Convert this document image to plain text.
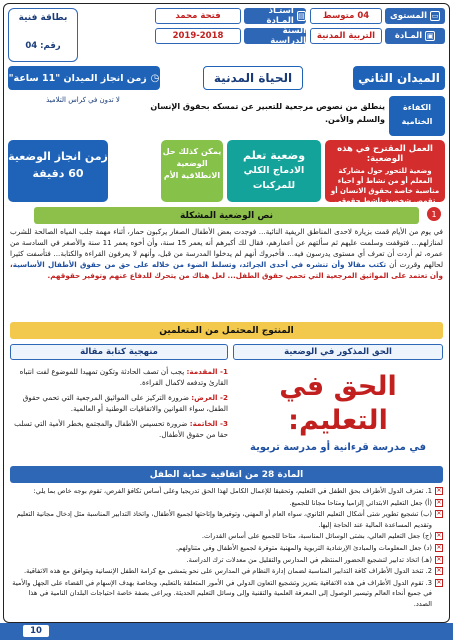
▭
المستوى
04 متوسط
▤
أستـاذ المـادة
فتحة محمد
▣
المـادة
التربية المدنية
السنة الدراسية
2019-2018
بطاقة فنية
رقم: 04
الميدان الثاني
الحياة المدنية
◷
زمن انجاز الميدان "11 ساعة"
لا تدون في كراس التلاميذ
الكفاءة الختامية
ينطلق من نصوص مرجعية للتعبير عن تمسكه بحقوق الإنسان والسلم والأمن.
العمل المقترح في هذه الوضعية:
وضعية للتحور حول مشاركة المعلم أو من نشاط أو احياء مناسبة خاصة بحقوق الانسان أو تقمص شخصية ناشط حقوقي يدافع
وضعية تعلم
الادماج الكلي للمركبات
يمكن كذلك حل الوضعية الانطلاقية الأم
زمن انجاز الوضعية
60 دقيقة
نص الوضعية المشكلة	1
في يوم من الأيام قمت بزيارة لاحدى المناطق الريفية النائية... فوجدت بعض الأطفال الصغار يركبون حمار، أثناء مهمة جلب المياه الصالحة للشرب لمنازلهم... فتوقفت وسلمت عليهم ثم سألتهم عن أعمارهم، فقال لك أكبرهم أنه يعمر 15 سنة، وأن أخوه يعمر 11 سنة والأصغر في السادسة من عمره، ثم أردت أن تعرف أي مستوى يدرسون فيه... فأخبروك أنهم لم يدخلوا المدرسة من قبل، وأنهم لا يعرفون القراءة والكتابة... فتأسفت كثيرا لحالهم وقررت أن تكتب مقالا وأن تنشره في أحدى الجرائد، وتسلط الضوء من خلاله على حق من حقوق الأطفال الأساسية، وأن تعتمد على المواثيق المرجعية التي تحمي حقوق الطفل... لعل هناك من يتحرك للدفاع عنهم وتوفير حقوقهم.
المنتوج المحتمل من المتعلمين
الحق المذكور في الوضعية
الحق في التعليم:
في مدرسة قرءانية أو مدرسة تربوية
منهجية كتابة مقالة
1- المقدمة: يجب أن تصف الحادثة وتكون تمهيدا للموضوع لفت انتباه القارئ وتدفعه لاكمال القراءة.
2- العرض: ضرورة التركيز على المواثيق المرجعية التي تحمي حقوق الطفل، سواء القوانين والاتفاقيات الوطنية أو العالمية.
3- الخاتمة: ضرورة تحسيس الأطفال والمجتمع بخطر الأمية التي تسلب حقا من حقوق الأطفال.
المادة 28 من اتفاقية حماية الطفل
✕
1. تعترف الدول الأطراف بحق الطفل في التعليم، وتحقيقا للإعمال الكامل لهذا الحق تدريجيا وعلى أساس تكافؤ الفرص، تقوم بوجه خاص بما يلي:
✕
(أ) جعل التعليم الابتدائي إلزاميا ومتاحا مجانا للجميع.
✕
(ب) تشجيع تطوير شتى أشكال التعليم الثانوي، سواء العام أو المهني، وتوفيرها وإتاحتها لجميع الأطفال، واتخاذ التدابير المناسبة مثل إدخال مجانية التعليم وتقديم المساعدة المالية عند الحاجة إليها.
✕
(ج) جعل التعليم العالي، بشتى الوسائل المناسبة، متاحا للجميع على أساس القدرات.
✕
(د) جعل المعلومات والمبادئ الإرشادية التربوية والمهنية متوفرة لجميع الأطفال وفي متناولهم.
✕
(هـ) اتخاذ تدابير لتشجيع الحضور المنتظم في المدارس والتقليل من معدلات ترك الدراسة.
✕
2. تتخذ الدول الأطراف كافة التدابير المناسبة لضمان إدارة النظام في المدارس على نحو يتمشى مع كرامة الطفل الإنسانية ويتوافق مع هذه الاتفاقية.
✕
3. تقوم الدول الأطراف في هذه الاتفاقية بتعزيز وتشجيع التعاون الدولي في الأمور المتعلقة بالتعليم، وبخاصة بهدف الإسهام في القضاء على الجهل والأمية في جميع أنحاء العالم وتيسير الوصول إلى المعرفة العلمية والتقنية وإلى وسائل التعليم الحديثة. ويراعى بصفة خاصة احتياجات البلدان النامية في هذا الصدد.
10
